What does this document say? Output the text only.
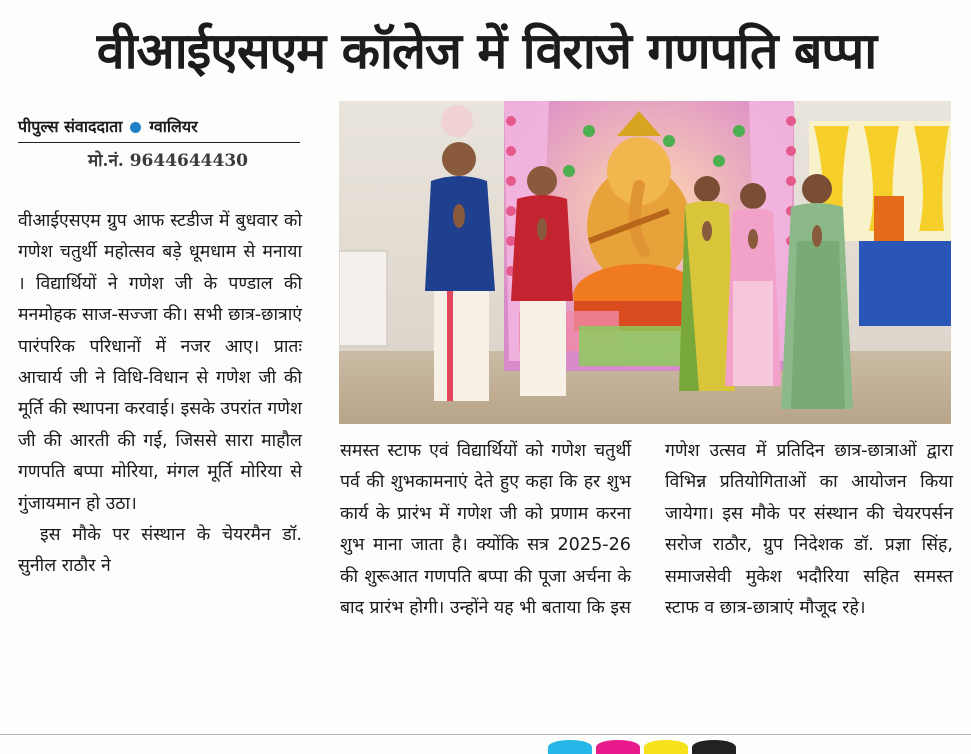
वीआईएसएम कॉलेज में विराजे गणपति बप्पा
पीपुल्स संवाददाता ग्वालियर
मो.नं. 9644644430

वीआईएसएम ग्रुप आफ स्टडीज में बुधवार को गणेश चतुर्थी महोत्सव बड़े धूमधाम से मनाया । विद्यार्थियों ने गणेश जी के पण्डाल की मनमोहक साज-सज्जा की। सभी छात्र-छात्राएं पारंपरिक परिधानों में नजर आए। प्रातः आचार्य जी ने विधि-विधान से गणेश जी की मूर्ति की स्थापना करवाई। इसके उपरांत गणेश जी की आरती की गई, जिससे सारा माहौल गणपति बप्पा मोरिया, मंगल मूर्ति मोरिया से गुंजायमान हो उठा।

इस मौके पर संस्थान के चेयरमैन डॉ. सुनील राठौर ने

समस्त स्टाफ एवं विद्यार्थियों को गणेश चतुर्थी पर्व की शुभकामनाएं देते हुए कहा कि हर शुभ कार्य के प्रारंभ में गणेश जी को प्रणाम करना शुभ माना जाता है। क्योंकि सत्र 2025-26 की शुरूआत गणपति बप्पा की पूजा अर्चना के बाद प्रारंभ होगी। उन्होंने यह भी बताया कि इस

गणेश उत्सव में प्रतिदिन छात्र-छात्राओं द्वारा विभिन्न प्रतियोगिताओं का आयोजन किया जायेगा। इस मौके पर संस्थान की चेयरपर्सन सरोज राठौर, ग्रुप निदेशक डॉ. प्रज्ञा सिंह, समाजसेवी मुकेश भदौरिया सहित समस्त स्टाफ व छात्र-छात्राएं मौजूद रहे।
